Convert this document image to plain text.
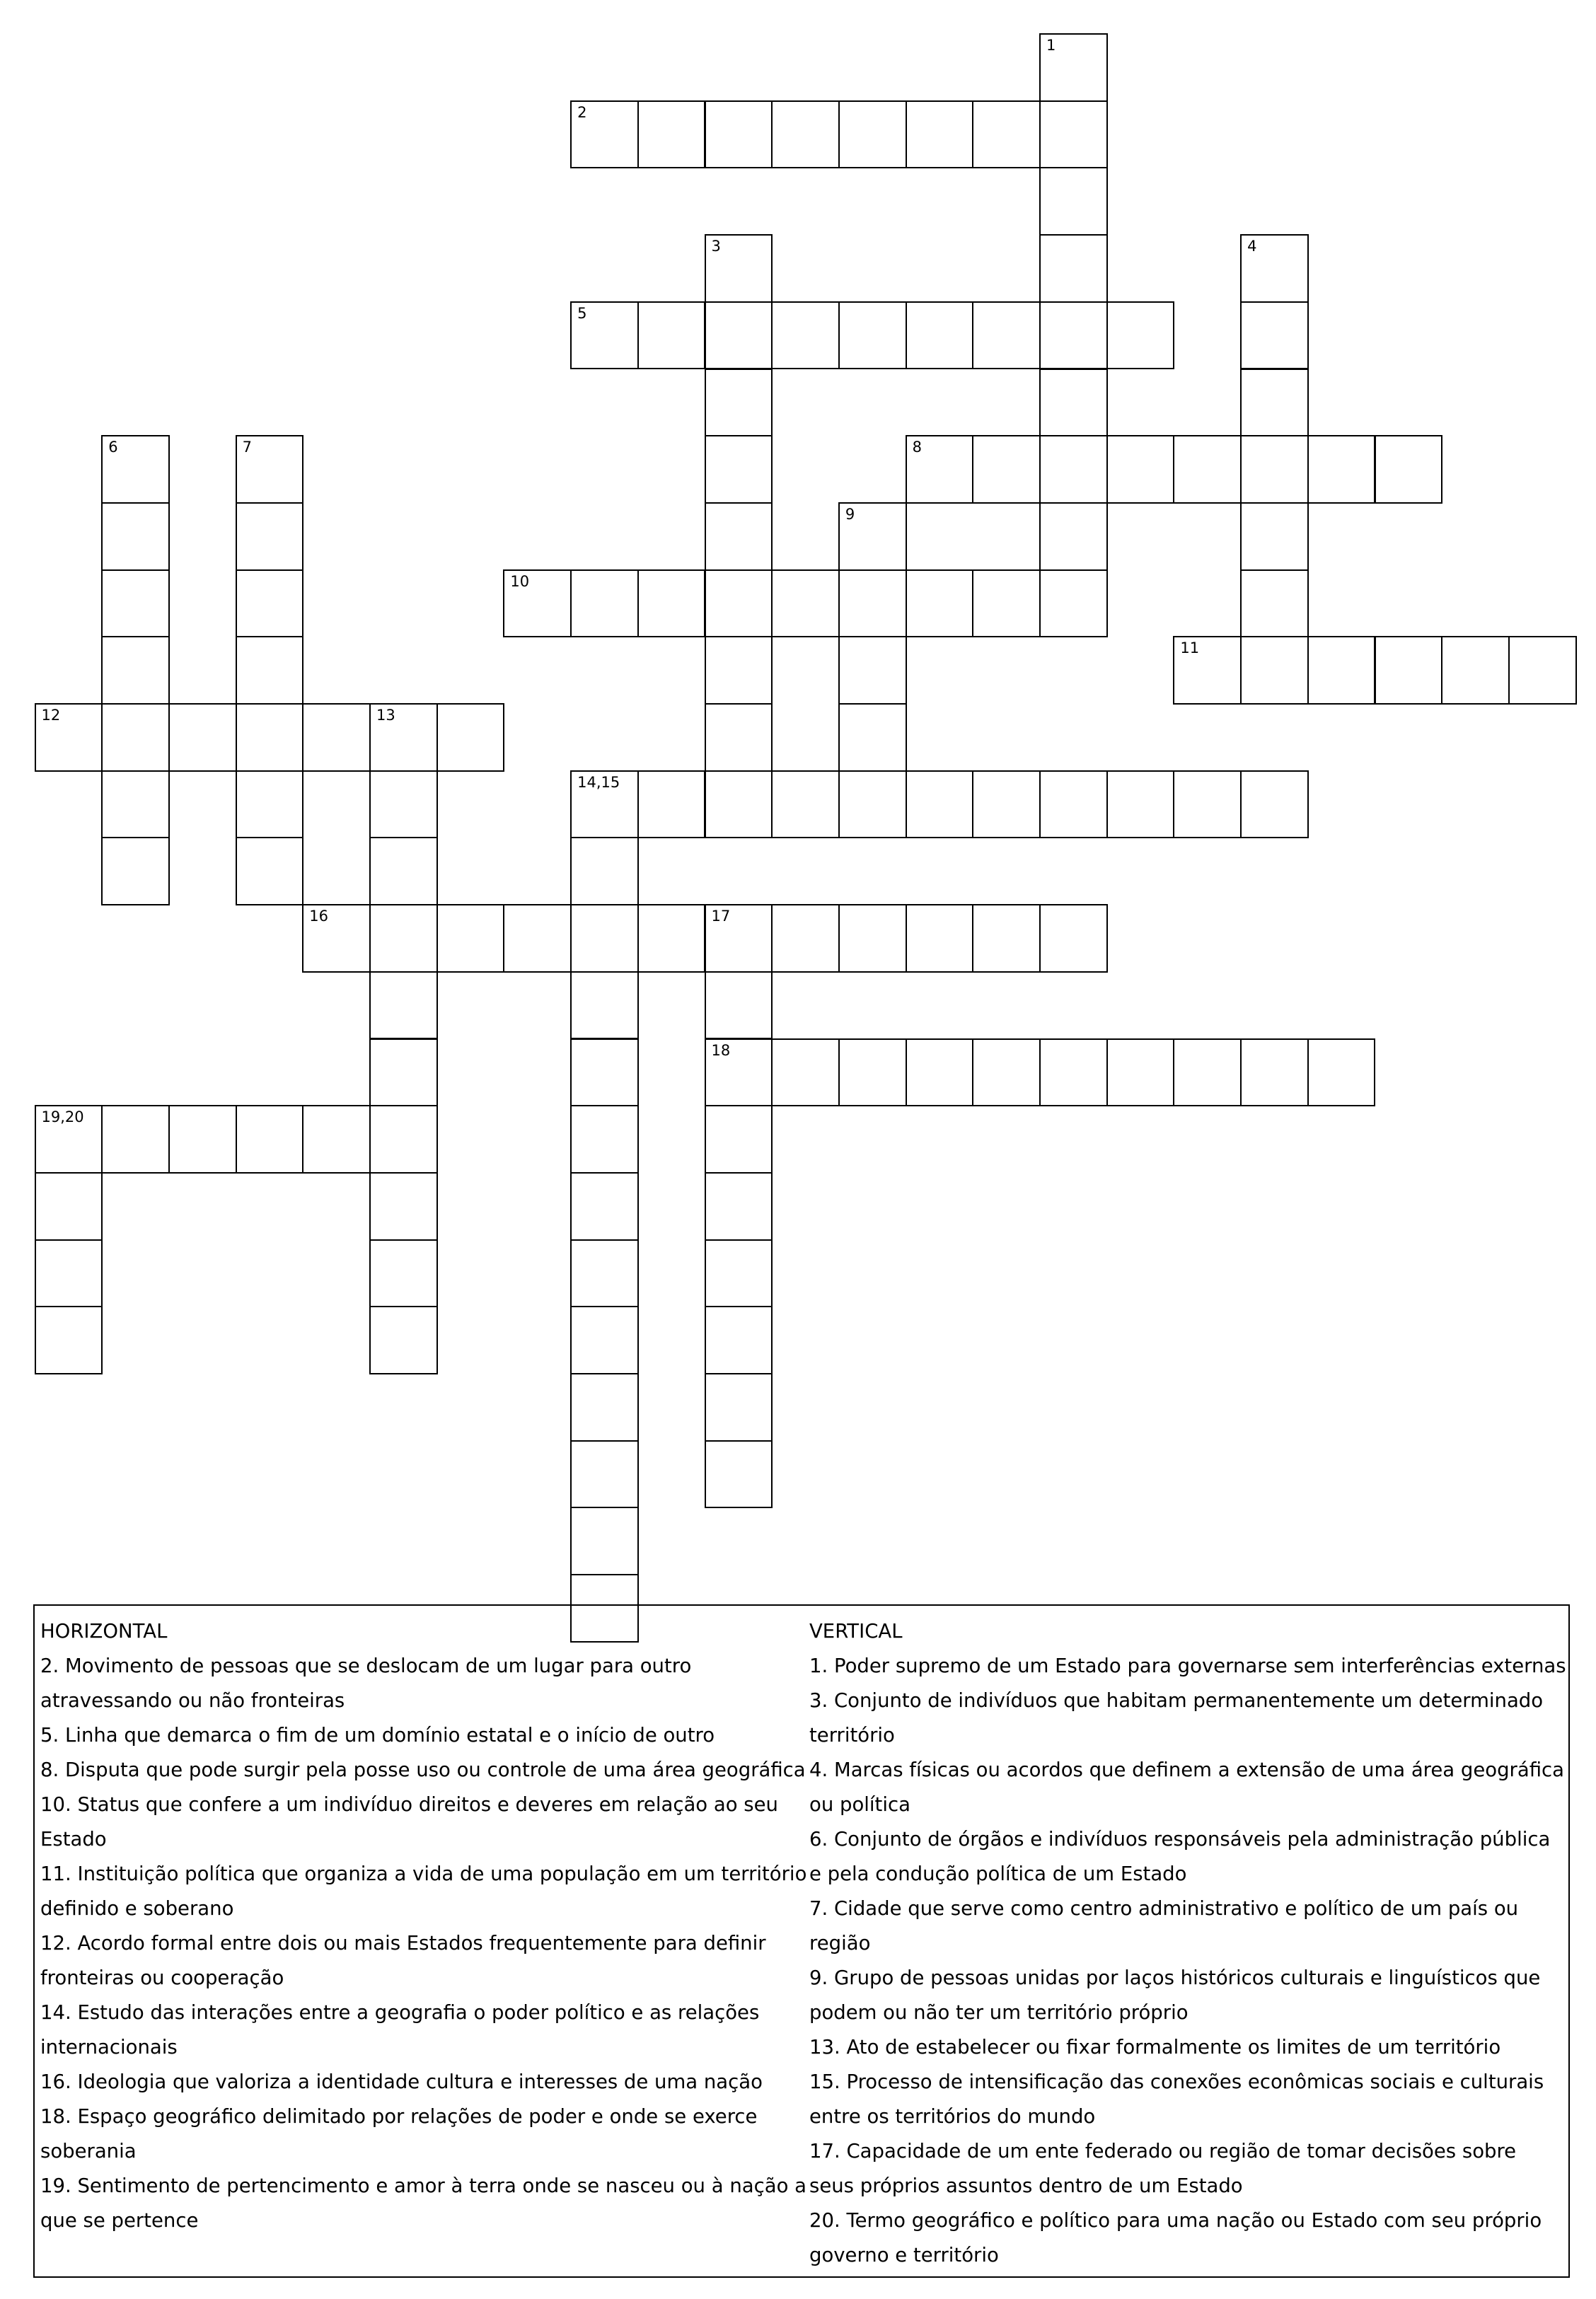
1
2
3	4
5
6	7	8
9
10
11
12	13
14,15
16	17
18
19,20
HORIZONTAL
2. Movimento de pessoas que se deslocam de um lugar para outro atravessando ou não fronteiras
5. Linha que demarca o fim de um domínio estatal e o início de outro
8. Disputa que pode surgir pela posse uso ou controle de uma área geográfica
10. Status que confere a um indivíduo direitos e deveres em relação ao seu Estado
11. Instituição política que organiza a vida de uma população em um território definido e soberano
12. Acordo formal entre dois ou mais Estados frequentemente para definir fronteiras ou cooperação
14. Estudo das interações entre a geografia o poder político e as relações internacionais
16. Ideologia que valoriza a identidade cultura e interesses de uma nação
18. Espaço geográfico delimitado por relações de poder e onde se exerce soberania
19. Sentimento de pertencimento e amor à terra onde se nasceu ou à nação a que se pertence
VERTICAL
1. Poder supremo de um Estado para governarse sem interferências externas
3. Conjunto de indivíduos que habitam permanentemente um determinado território
4. Marcas físicas ou acordos que definem a extensão de uma área geográfica ou política
6. Conjunto de órgãos e indivíduos responsáveis pela administração pública e pela condução política de um Estado
7. Cidade que serve como centro administrativo e político de um país ou região
9. Grupo de pessoas unidas por laços históricos culturais e linguísticos que podem ou não ter um território próprio
13. Ato de estabelecer ou fixar formalmente os limites de um território
15. Processo de intensificação das conexões econômicas sociais e culturais entre os territórios do mundo
17. Capacidade de um ente federado ou região de tomar decisões sobre seus próprios assuntos dentro de um Estado
20. Termo geográfico e político para uma nação ou Estado com seu próprio governo e território
